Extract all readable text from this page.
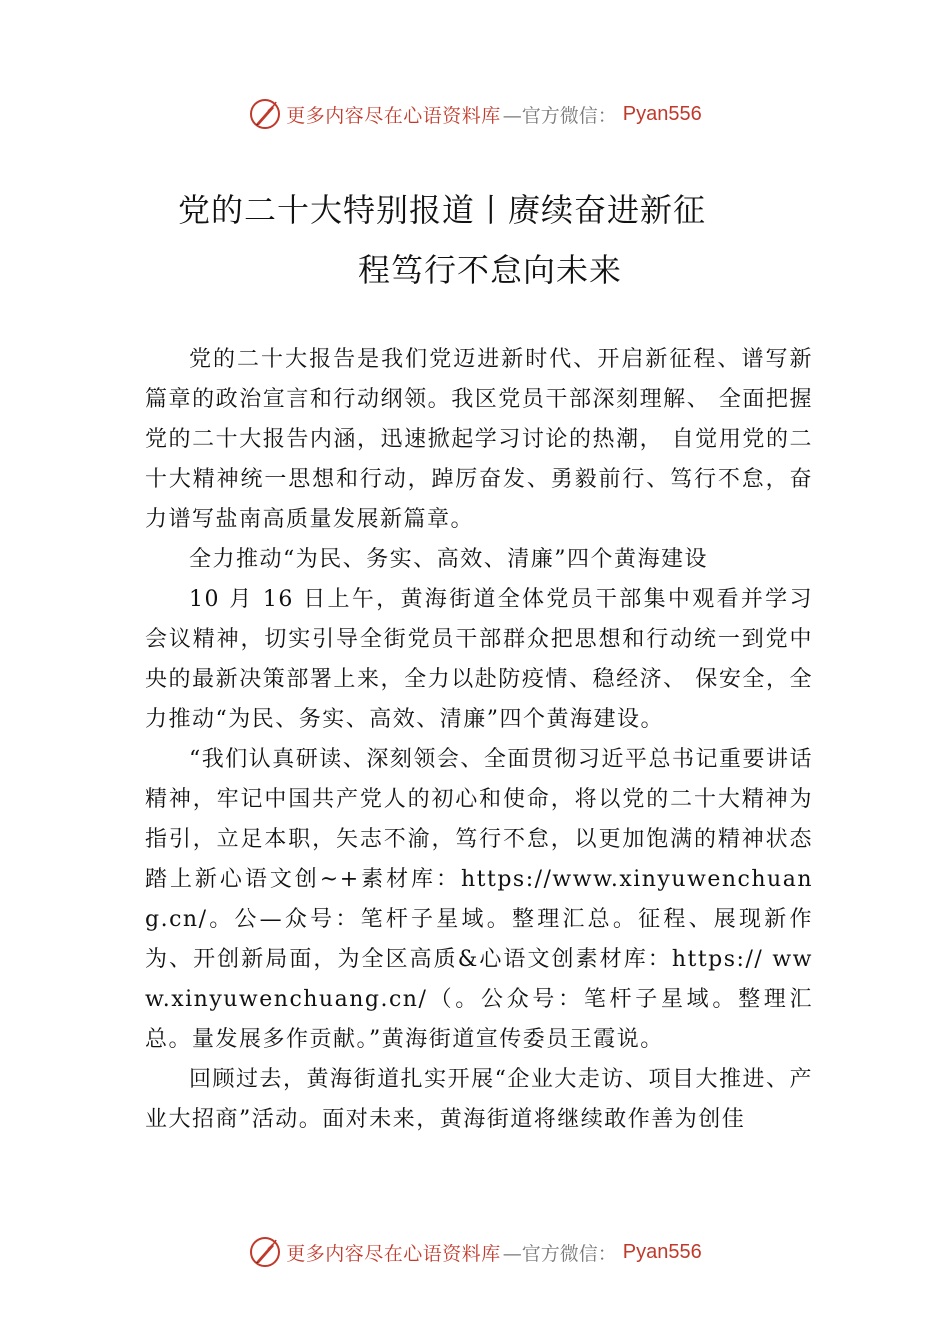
更多内容尽在心语资料库 —官方微信： Pyan556
党的二十大特别报道丨赓续奋进新征
程笃行不怠向未来

党的二十大报告是我们党迈进新时代、开启新征程、谱写新篇章的政治宣言和行动纲领。我区党员干部深刻理解、 全面把握党的二十大报告内涵，迅速掀起学习讨论的热潮， 自觉用党的二十大精神统一思想和行动，踔厉奋发、勇毅前行、笃行不怠，奋力谱写盐南高质量发展新篇章。

全力推动“为民、务实、高效、清廉”四个黄海建设

10 月 16 日上午，黄海街道全体党员干部集中观看并学习会议精神，切实引导全街党员干部群众把思想和行动统一到党中央的最新决策部署上来，全力以赴防疫情、稳经济、 保安全，全力推动“为民、务实、高效、清廉”四个黄海建设。

“我们认真研读、深刻领会、全面贯彻习近平总书记重要讲话精神，牢记中国共产党人的初心和使命，将以党的二十大精神为指引，立足本职，矢志不渝，笃行不怠，以更加饱满的精神状态踏上新心语文创~+素材库：https://www.xinyuwenchuang.cn/。公—众号：笔杆子星域。整理汇总。征程、展现新作为、开创新局面，为全区高质&心语文创素材库：https:// www.xinyuwenchuang.cn/（。公众号：笔杆子星域。整理汇总。量发展多作贡献。”黄海街道宣传委员王霞说。

回顾过去，黄海街道扎实开展“企业大走访、项目大推进、产业大招商”活动。面对未来，黄海街道将继续敢作善为创佳

更多内容尽在心语资料库 —官方微信： Pyan556
